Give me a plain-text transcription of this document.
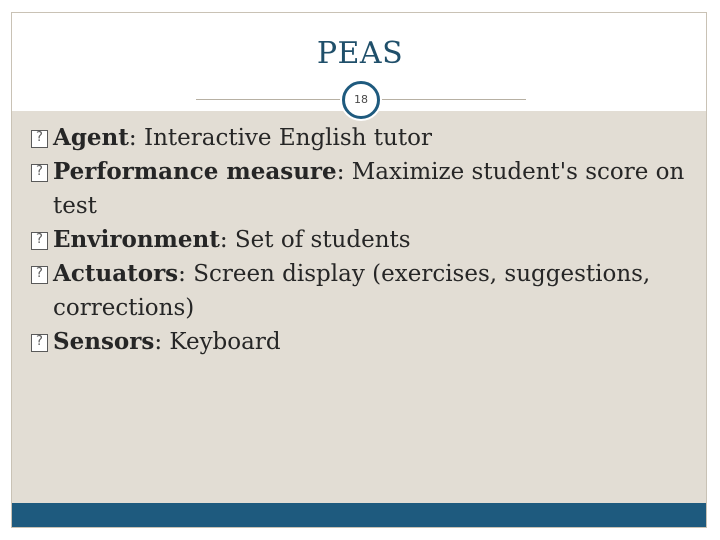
PEAS
18
? Agent: Interactive English tutor
? Performance measure: Maximize student's score on test
? Environment: Set of students
? Actuators: Screen display (exercises, suggestions, corrections)
? Sensors: Keyboard
